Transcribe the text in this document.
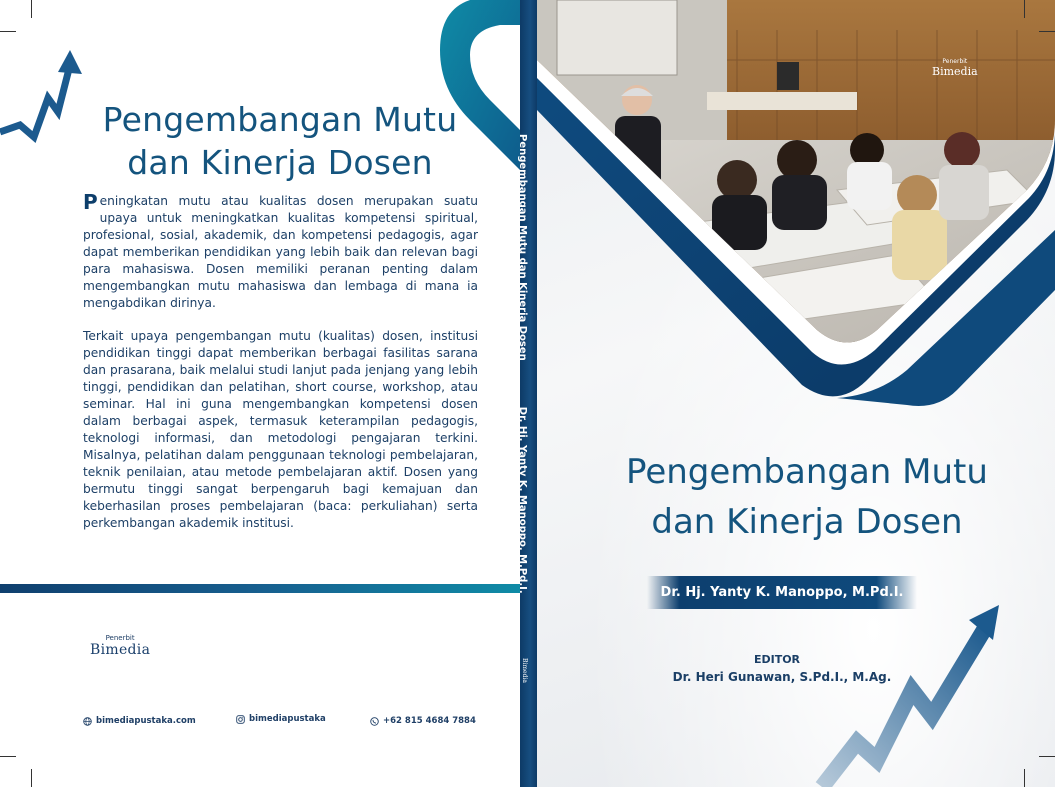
Pengembangan Mutu
dan Kinerja Dosen

Peningkatan mutu atau kualitas dosen merupakan suatu upaya untuk meningkatkan kualitas kompetensi spiritual, profesional, sosial, akademik, dan kompetensi pedagogis, agar dapat memberikan pendidikan yang lebih baik dan relevan bagi para mahasiswa. Dosen memiliki peranan penting dalam mengembangkan mutu mahasiswa dan lembaga di mana ia mengabdikan dirinya.

Terkait upaya pengembangan mutu (kualitas) dosen, institusi pendidikan tinggi dapat memberikan berbagai fasilitas sarana dan prasarana, baik melalui studi lanjut pada jenjang yang lebih tinggi, pendidikan dan pelatihan, short course, workshop, atau seminar. Hal ini guna mengembangkan kompetensi dosen dalam berbagai aspek, termasuk keterampilan pedagogis, teknologi informasi, dan metodologi pengajaran terkini. Misalnya, pelatihan dalam penggunaan teknologi pembelajaran, teknik penilaian, atau metode pembelajaran aktif. Dosen yang bermutu tinggi sangat berpengaruh bagi kemajuan dan keberhasilan proses pembelajaran (baca: perkuliahan) serta perkembangan akademik institusi.

Penerbit
Bimedia
bimediapustaka.com	bimediapustaka	+62 815 4684 7884
Pengembangan Mutu dan Kinerja DosenDr. Hj. Yanty K. Manoppo, M.Pd.I.
Bimedia
Penerbit
Bimedia
Pengembangan Mutu
dan Kinerja Dosen
Dr. Hj. Yanty K. Manoppo, M.Pd.I.
EDITOR
Dr. Heri Gunawan, S.Pd.I., M.Ag.
